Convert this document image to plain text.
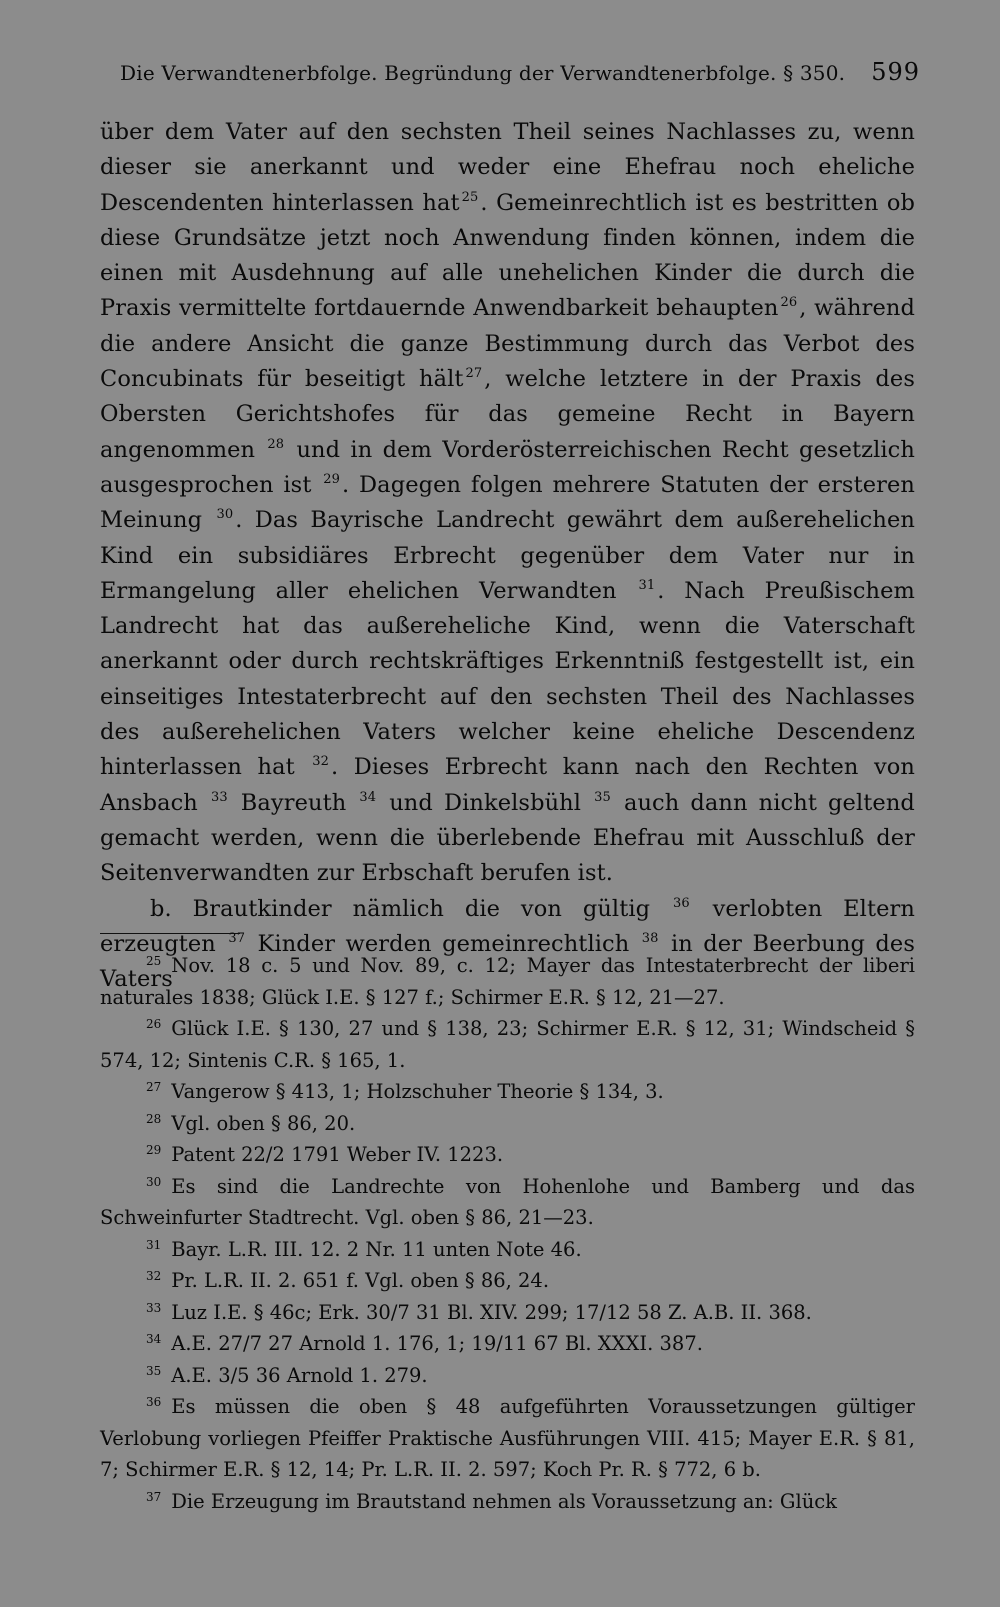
Die Verwandtenerbfolge. Begründung der Verwandtenerbfolge. § 350. 599

über dem Vater auf den sechsten Theil seines Nachlasses zu, wenn dieser sie anerkannt und weder eine Ehefrau noch eheliche Descendenten hinterlassen hat $^{25}$. Gemeinrechtlich ist es bestritten ob diese Grundsätze jetzt noch Anwendung finden können, indem die einen mit Ausdehnung auf alle unehelichen Kinder die durch die Praxis vermittelte fortdauernde Anwendbarkeit behaupten $^{26}$, während die andere Ansicht die ganze Bestimmung durch das Verbot des Concubinats für beseitigt hält $^{27}$, welche letztere in der Praxis des Obersten Gerichtshofes für das gemeine Recht in Bayern angenommen $^{28}$ und in dem Vorderösterreichischen Recht gesetzlich ausgesprochen ist $^{29}$. Dagegen folgen mehrere Statuten der ersteren Meinung $^{30}$. Das Bayrische Landrecht gewährt dem außerehelichen Kind ein subsidiäres Erbrecht gegenüber dem Vater nur in Ermangelung aller ehelichen Verwandten $^{31}$. Nach Preußischem Landrecht hat das außereheliche Kind, wenn die Vaterschaft anerkannt oder durch rechtskräftiges Erkenntniß festgestellt ist, ein einseitiges Intestaterbrecht auf den sechsten Theil des Nachlasses des außerehelichen Vaters welcher keine eheliche Descendenz hinterlassen hat $^{32}$. Dieses Erbrecht kann nach den Rechten von Ansbach $^{33}$ Bayreuth $^{34}$ und Dinkelsbühl $^{35}$ auch dann nicht geltend gemacht werden, wenn die überlebende Ehefrau mit Ausschluß der Seitenverwandten zur Erbschaft berufen ist.

b. Brautkinder nämlich die von gültig $^{36}$ verlobten Eltern erzeugten $^{37}$ Kinder werden gemeinrechtlich $^{38}$ in der Beerbung des Vaters

$^{25}$ Nov. 18 c. 5 und Nov. 89, c. 12; Mayer das Intestaterbrecht der liberi naturales 1838; Glück I.E. § 127 f.; Schirmer E.R. § 12, 21—27.

$^{26}$ Glück I.E. § 130, 27 und § 138, 23; Schirmer E.R. § 12, 31; Windscheid § 574, 12; Sintenis C.R. § 165, 1.

$^{27}$ Vangerow § 413, 1; Holzschuher Theorie § 134, 3.

$^{28}$ Vgl. oben § 86, 20.

$^{29}$ Patent 22/2 1791 Weber IV. 1223.

$^{30}$ Es sind die Landrechte von Hohenlohe und Bamberg und das Schweinfurter Stadtrecht. Vgl. oben § 86, 21—23.

$^{31}$ Bayr. L.R. III. 12. 2 Nr. 11 unten Note 46.

$^{32}$ Pr. L.R. II. 2. 651 f. Vgl. oben § 86, 24.

$^{33}$ Luz I.E. § 46c; Erk. 30/7 31 Bl. XIV. 299; 17/12 58 Z. A.B. II. 368.

$^{34}$ A.E. 27/7 27 Arnold 1. 176, 1; 19/11 67 Bl. XXXI. 387.

$^{35}$ A.E. 3/5 36 Arnold 1. 279.

$^{36}$ Es müssen die oben § 48 aufgeführten Voraussetzungen gültiger Verlobung vorliegen Pfeiffer Praktische Ausführungen VIII. 415; Mayer E.R. § 81, 7; Schirmer E.R. § 12, 14; Pr. L.R. II. 2. 597; Koch Pr. R. § 772, 6 b.

$^{37}$ Die Erzeugung im Brautstand nehmen als Voraussetzung an: Glück
